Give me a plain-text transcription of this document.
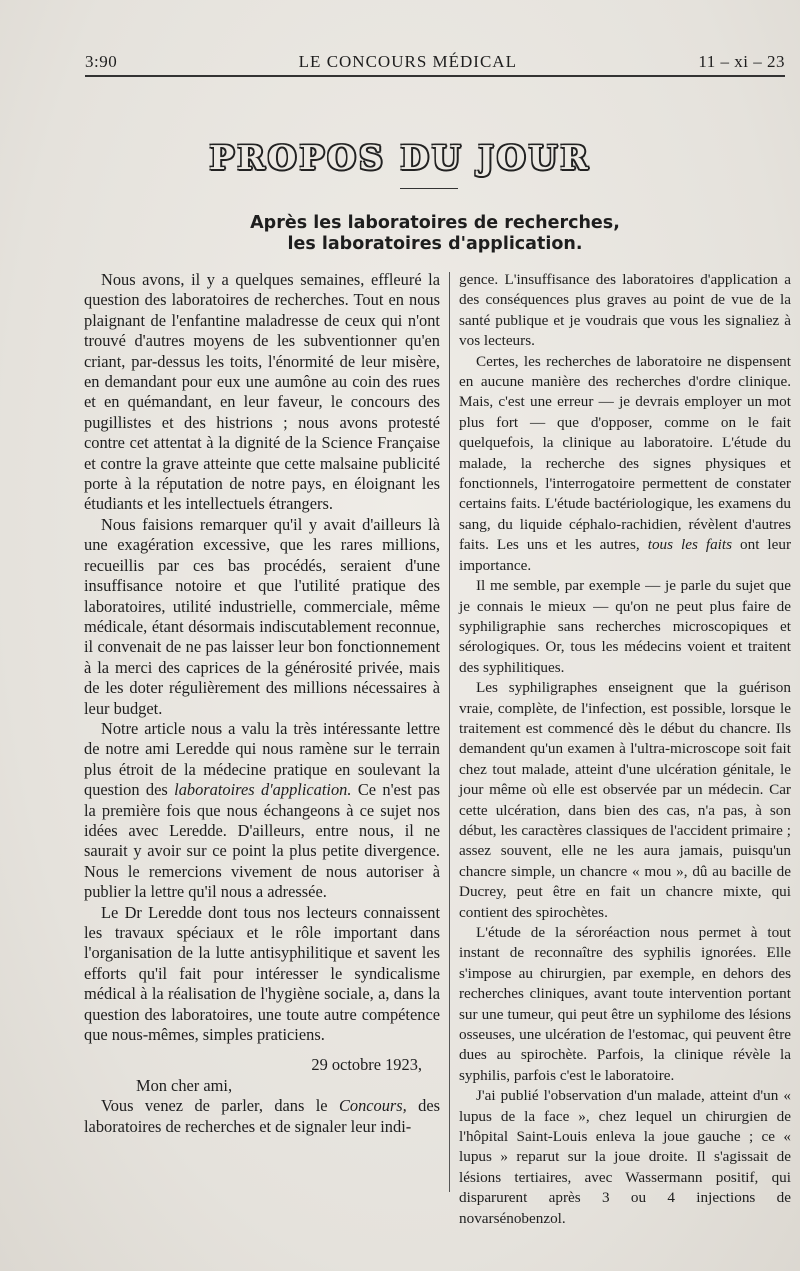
3:90	LE CONCOURS MÉDICAL	11 – xi – 23
PROPOS DU JOUR
Après les laboratoires de recherches,
les laboratoires d'application.

Nous avons, il y a quelques semaines, effleuré la question des laboratoires de recherches. Tout en nous plaignant de l'enfantine maladresse de ceux qui n'ont trouvé d'autres moyens de les subventionner qu'en criant, par-dessus les toits, l'énormité de leur misère, en demandant pour eux une aumône au coin des rues et en quémandant, en leur faveur, le concours des pugillistes et des histrions ; nous avons protesté contre cet attentat à la dignité de la Science Française et contre la grave atteinte que cette malsaine publicité porte à la réputation de notre pays, en éloignant les étudiants et les intellectuels étrangers.

Nous faisions remarquer qu'il y avait d'ailleurs là une exagération excessive, que les rares millions, recueillis par ces bas procédés, seraient d'une insuffisance notoire et que l'utilité pratique des laboratoires, utilité industrielle, commerciale, même médicale, étant désormais indiscutablement reconnue, il convenait de ne pas laisser leur bon fonctionnement à la merci des caprices de la générosité privée, mais de les doter régulièrement des millions nécessaires à leur budget.

Notre article nous a valu la très intéressante lettre de notre ami Leredde qui nous ramène sur le terrain plus étroit de la médecine pratique en soulevant la question des laboratoires d'application. Ce n'est pas la première fois que nous échangeons à ce sujet nos idées avec Leredde. D'ailleurs, entre nous, il ne saurait y avoir sur ce point la plus petite divergence. Nous le remercions vivement de nous autoriser à publier la lettre qu'il nous a adressée.

Le Dr Leredde dont tous nos lecteurs connaissent les travaux spéciaux et le rôle important dans l'organisation de la lutte antisyphilitique et savent les efforts qu'il fait pour intéresser le syndicalisme médical à la réalisation de l'hygiène sociale, a, dans la question des laboratoires, une toute autre compétence que nous-mêmes, simples praticiens.

29 octobre 1923,

Mon cher ami,

Vous venez de parler, dans le Concours, des laboratoires de recherches et de signaler leur indi-

gence. L'insuffisance des laboratoires d'application a des conséquences plus graves au point de vue de la santé publique et je voudrais que vous les signaliez à vos lecteurs.

Certes, les recherches de laboratoire ne dispensent en aucune manière des recherches d'ordre clinique. Mais, c'est une erreur — je devrais employer un mot plus fort — que d'opposer, comme on le fait quelquefois, la clinique au laboratoire. L'étude du malade, la recherche des signes physiques et fonctionnels, l'interrogatoire permettent de constater certains faits. L'étude bactériologique, les examens du sang, du liquide céphalo-rachidien, révèlent d'autres faits. Les uns et les autres, tous les faits ont leur importance.

Il me semble, par exemple — je parle du sujet que je connais le mieux — qu'on ne peut plus faire de syphiligraphie sans recherches microscopiques et sérologiques. Or, tous les médecins voient et traitent des syphilitiques.

Les syphiligraphes enseignent que la guérison vraie, complète, de l'infection, est possible, lorsque le traitement est commencé dès le début du chancre. Ils demandent qu'un examen à l'ultra-microscope soit fait chez tout malade, atteint d'une ulcération génitale, le jour même où elle est observée par un médecin. Car cette ulcération, dans bien des cas, n'a pas, à son début, les caractères classiques de l'accident primaire ; assez souvent, elle ne les aura jamais, puisqu'un chancre simple, un chancre « mou », dû au bacille de Ducrey, peut être en fait un chancre mixte, qui contient des spirochètes.

L'étude de la séroréaction nous permet à tout instant de reconnaître des syphilis ignorées. Elle s'impose au chirurgien, par exemple, en dehors des recherches cliniques, avant toute intervention portant sur une tumeur, qui peut être un syphilome des lésions osseuses, une ulcération de l'estomac, qui peuvent être dues au spirochète. Parfois, la clinique révèle la syphilis, parfois c'est le laboratoire.

J'ai publié l'observation d'un malade, atteint d'un « lupus de la face », chez lequel un chirurgien de l'hôpital Saint-Louis enleva la joue gauche ; ce « lupus » reparut sur la joue droite. Il s'agissait de lésions tertiaires, avec Wassermann positif, qui disparurent après 3 ou 4 injections de novarsénobenzol.
